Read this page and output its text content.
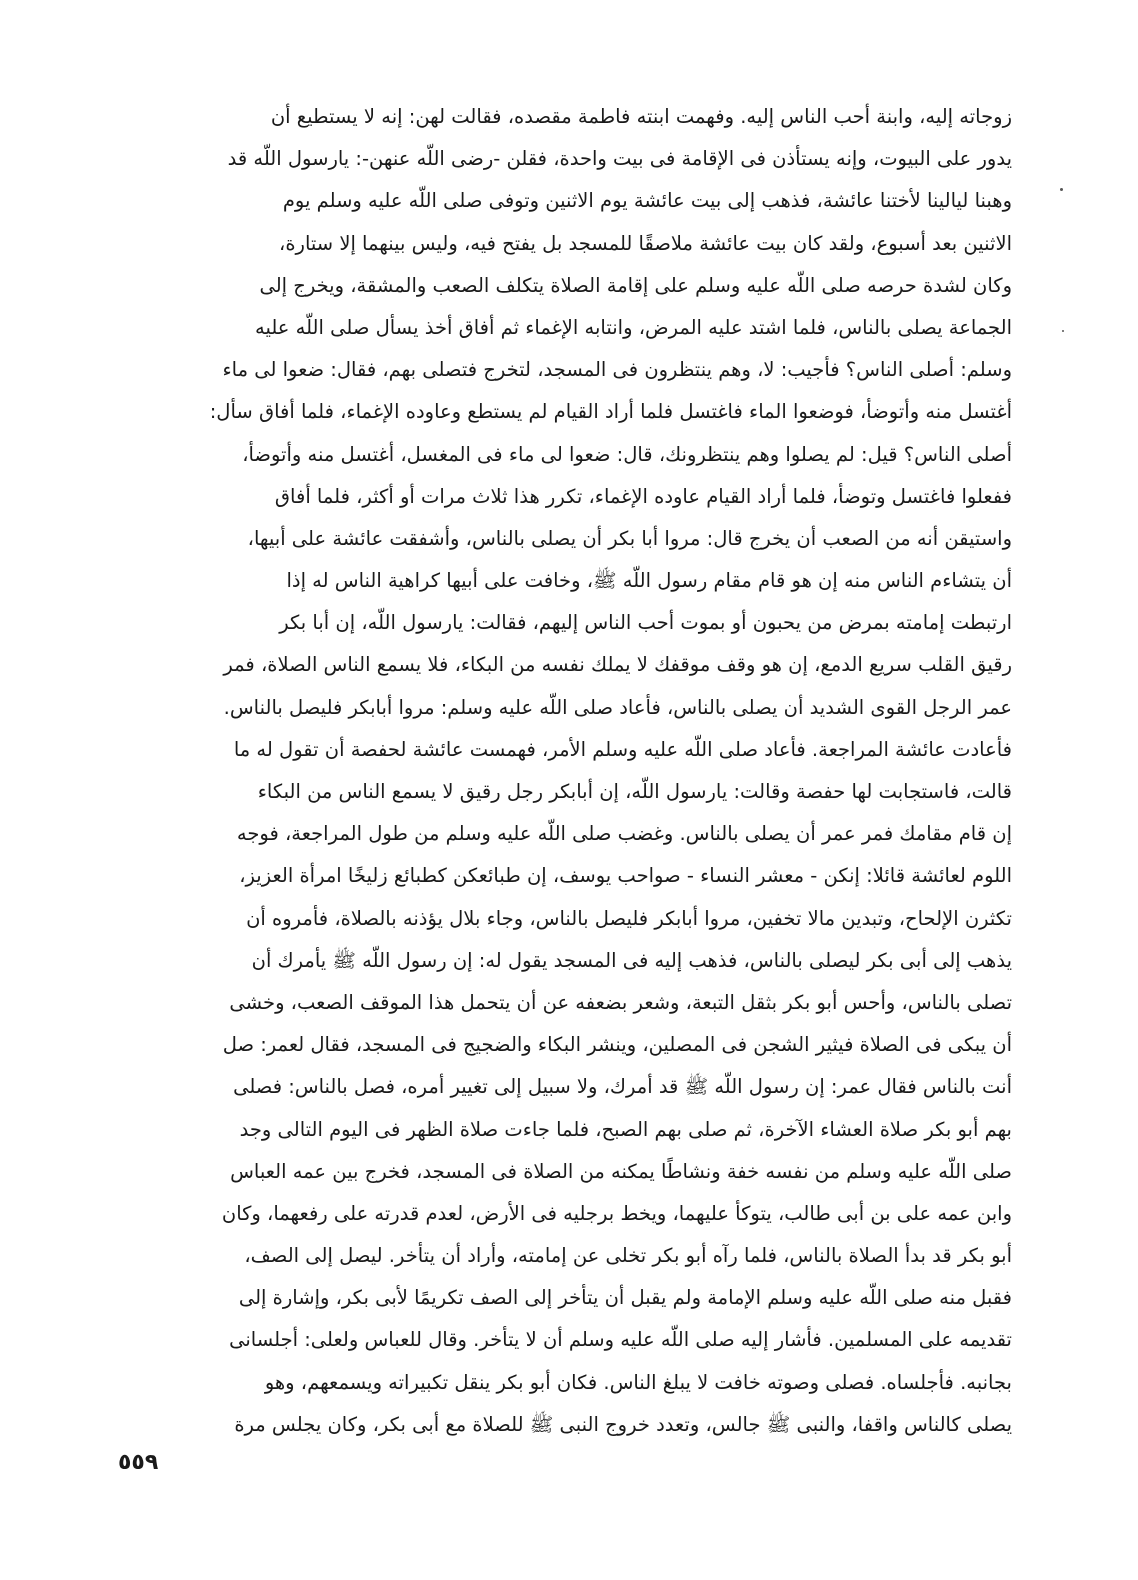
زوجاته إليه، وابنة أحب الناس إليه. وفهمت ابنته فاطمة مقصده، فقالت لهن: إنه لا يستطيع أن
يدور على البيوت، وإنه يستأذن فى الإقامة فى بيت واحدة، فقلن -رضى اللّه عنهن-: يارسول اللّه قد
وهبنا ليالينا لأختنا عائشة، فذهب إلى بيت عائشة يوم الاثنين وتوفى صلى اللّه عليه وسلم يوم
الاثنين بعد أسبوع، ولقد كان بيت عائشة ملاصقًا للمسجد بل يفتح فيه، وليس بينهما إلا ستارة،
وكان لشدة حرصه صلى اللّه عليه وسلم على إقامة الصلاة يتكلف الصعب والمشقة، ويخرج إلى
الجماعة يصلى بالناس، فلما اشتد عليه المرض، وانتابه الإغماء ثم أفاق أخذ يسأل صلى اللّه عليه
وسلم: أصلى الناس؟ فأجيب: لا، وهم ينتظرون فى المسجد، لتخرج فتصلى بهم، فقال: ضعوا لى ماء
أغتسل منه وأتوضأ، فوضعوا الماء فاغتسل فلما أراد القيام لم يستطع وعاوده الإغماء، فلما أفاق سأل:
أصلى الناس؟ قيل: لم يصلوا وهم ينتظرونك، قال: ضعوا لى ماء فى المغسل، أغتسل منه وأتوضأ،
ففعلوا فاغتسل وتوضأ، فلما أراد القيام عاوده الإغماء، تكرر هذا ثلاث مرات أو أكثر، فلما أفاق
واستيقن أنه من الصعب أن يخرج قال: مروا أبا بكر أن يصلى بالناس، وأشفقت عائشة على أبيها،
أن يتشاءم الناس منه إن هو قام مقام رسول اللّه ﷺ، وخافت على أبيها كراهية الناس له إذا
ارتبطت إمامته بمرض من يحبون أو بموت أحب الناس إليهم، فقالت: يارسول اللّه، إن أبا بكر
رقيق القلب سريع الدمع، إن هو وقف موقفك لا يملك نفسه من البكاء، فلا يسمع الناس الصلاة، فمر
عمر الرجل القوى الشديد أن يصلى بالناس، فأعاد صلى اللّه عليه وسلم: مروا أبابكر فليصل بالناس.
فأعادت عائشة المراجعة. فأعاد صلى اللّه عليه وسلم الأمر، فهمست عائشة لحفصة أن تقول له ما
قالت، فاستجابت لها حفصة وقالت: يارسول اللّه، إن أبابكر رجل رقيق لا يسمع الناس من البكاء
إن قام مقامك فمر عمر أن يصلى بالناس. وغضب صلى اللّه عليه وسلم من طول المراجعة، فوجه
اللوم لعائشة قائلا: إنكن - معشر النساء - صواحب يوسف، إن طبائعكن كطبائع زليخًا امرأة العزيز،
تكثرن الإلحاح، وتبدين مالا تخفين، مروا أبابكر فليصل بالناس، وجاء بلال يؤذنه بالصلاة، فأمروه أن
يذهب إلى أبى بكر ليصلى بالناس، فذهب إليه فى المسجد يقول له: إن رسول اللّه ﷺ يأمرك أن
تصلى بالناس، وأحس أبو بكر بثقل التبعة، وشعر بضعفه عن أن يتحمل هذا الموقف الصعب، وخشى
أن يبكى فى الصلاة فيثير الشجن فى المصلين، وينشر البكاء والضجيج فى المسجد، فقال لعمر: صل
أنت بالناس فقال عمر: إن رسول اللّه ﷺ قد أمرك، ولا سبيل إلى تغيير أمره، فصل بالناس: فصلى
بهم أبو بكر صلاة العشاء الآخرة، ثم صلى بهم الصبح، فلما جاءت صلاة الظهر فى اليوم التالى وجد
صلى اللّه عليه وسلم من نفسه خفة ونشاطًا يمكنه من الصلاة فى المسجد، فخرج بين عمه العباس
وابن عمه على بن أبى طالب، يتوكأ عليهما، ويخط برجليه فى الأرض، لعدم قدرته على رفعهما، وكان
أبو بكر قد بدأ الصلاة بالناس، فلما رآه أبو بكر تخلى عن إمامته، وأراد أن يتأخر. ليصل إلى الصف،
فقبل منه صلى اللّه عليه وسلم الإمامة ولم يقبل أن يتأخر إلى الصف تكريمًا لأبى بكر، وإشارة إلى
تقديمه على المسلمين. فأشار إليه صلى اللّه عليه وسلم أن لا يتأخر. وقال للعباس ولعلى: أجلسانى
بجانبه. فأجلساه. فصلى وصوته خافت لا يبلغ الناس. فكان أبو بكر ينقل تكبيراته ويسمعهم، وهو
يصلى كالناس واقفا، والنبى ﷺ جالس، وتعدد خروج النبى ﷺ للصلاة مع أبى بكر، وكان يجلس مرة
٥٥٩
